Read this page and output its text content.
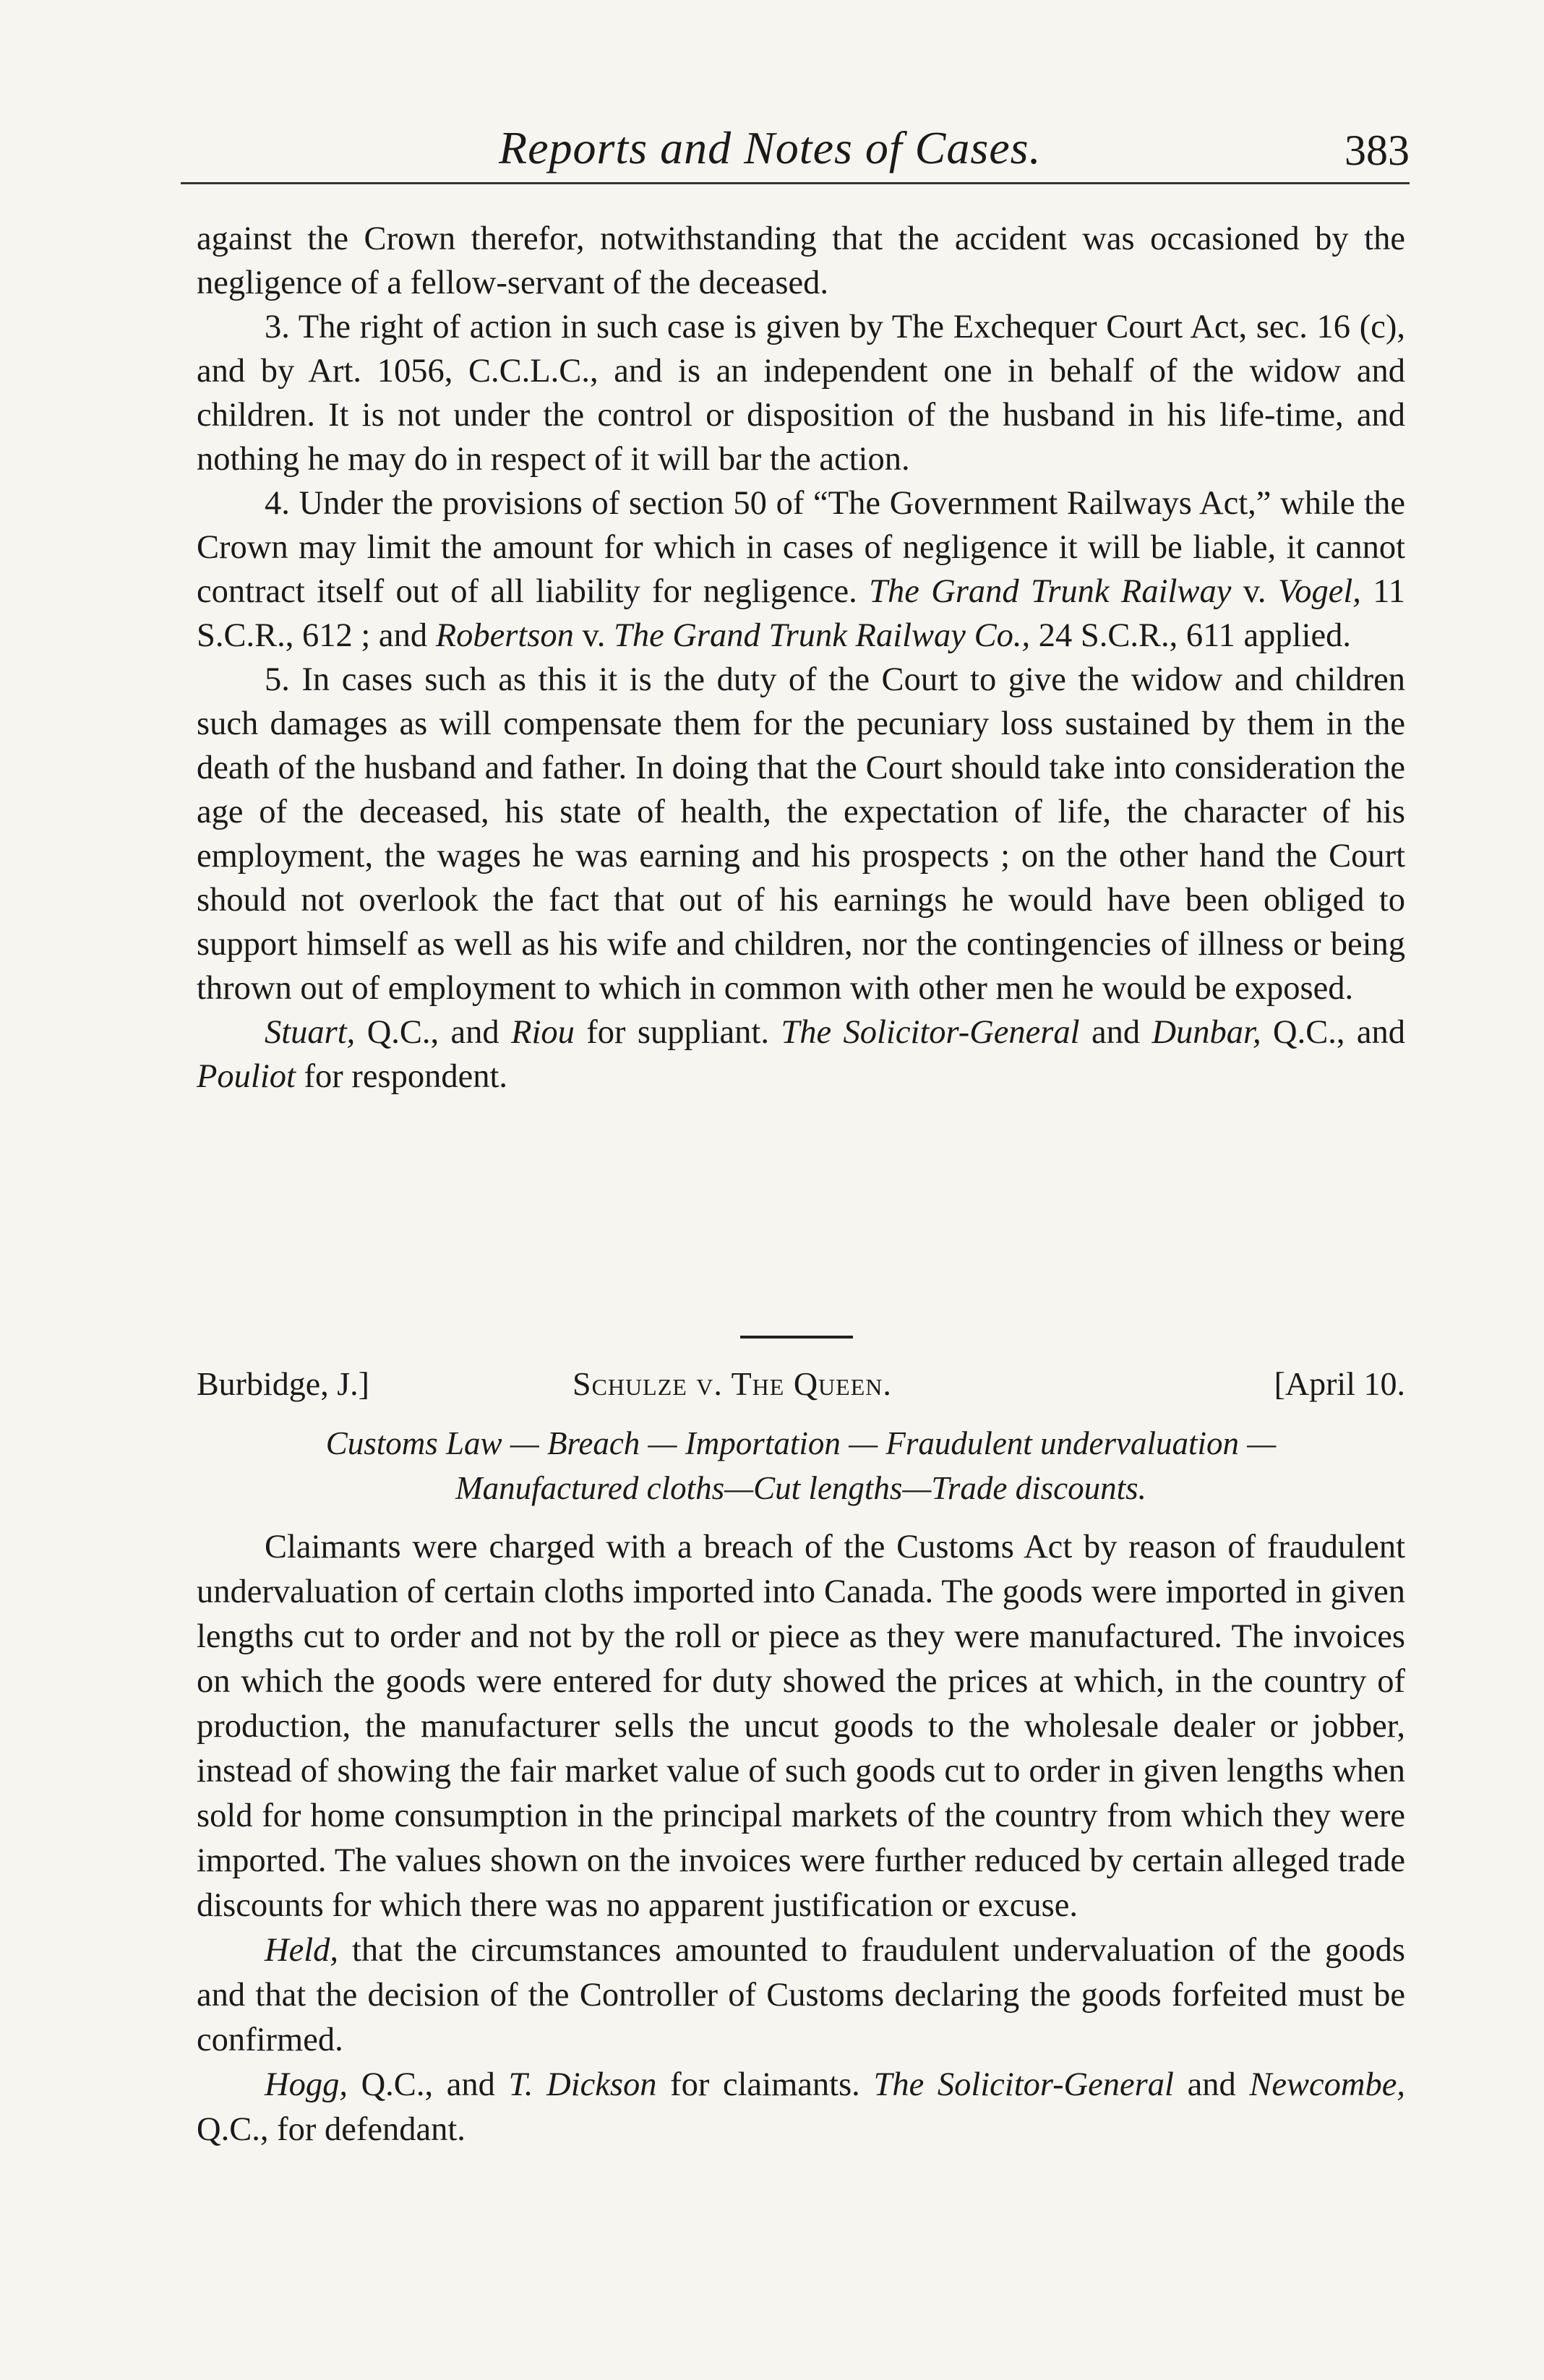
Reports and Notes of Cases.	383

against the Crown therefor, notwithstanding that the accident was occasioned by the negligence of a fellow-servant of the deceased.

3. The right of action in such case is given by The Exchequer Court Act, sec. 16 (c), and by Art. 1056, C.C.L.C., and is an independent one in behalf of the widow and children. It is not under the control or disposition of the husband in his life-time, and nothing he may do in respect of it will bar the action.

4. Under the provisions of section 50 of “The Government Railways Act,” while the Crown may limit the amount for which in cases of negligence it will be liable, it cannot contract itself out of all liability for negligence. The Grand Trunk Railway v. Vogel, 11 S.C.R., 612 ; and Robertson v. The Grand Trunk Railway Co., 24 S.C.R., 611 applied.

5. In cases such as this it is the duty of the Court to give the widow and children such damages as will compensate them for the pecuniary loss sustained by them in the death of the husband and father. In doing that the Court should take into consideration the age of the deceased, his state of health, the expectation of life, the character of his employment, the wages he was earning and his prospects ; on the other hand the Court should not overlook the fact that out of his earnings he would have been obliged to support himself as well as his wife and children, nor the contingencies of illness or being thrown out of employment to which in common with other men he would be exposed.

Stuart, Q.C., and Riou for suppliant. The Solicitor-General and Dunbar, Q.C., and Pouliot for respondent.

Burbidge, J.]	Schulze v. The Queen.	[April 10.
Customs Law — Breach — Importation — Fraudulent undervaluation —
Manufactured cloths—Cut lengths—Trade discounts.

Claimants were charged with a breach of the Customs Act by reason of fraudulent undervaluation of certain cloths imported into Canada. The goods were imported in given lengths cut to order and not by the roll or piece as they were manufactured. The invoices on which the goods were entered for duty showed the prices at which, in the country of production, the manufacturer sells the uncut goods to the wholesale dealer or jobber, instead of showing the fair market value of such goods cut to order in given lengths when sold for home consumption in the principal markets of the country from which they were imported. The values shown on the invoices were further reduced by certain alleged trade discounts for which there was no apparent justification or excuse.

Held, that the circumstances amounted to fraudulent undervaluation of the goods and that the decision of the Controller of Customs declaring the goods forfeited must be confirmed.

Hogg, Q.C., and T. Dickson for claimants. The Solicitor-General and Newcombe, Q.C., for defendant.
